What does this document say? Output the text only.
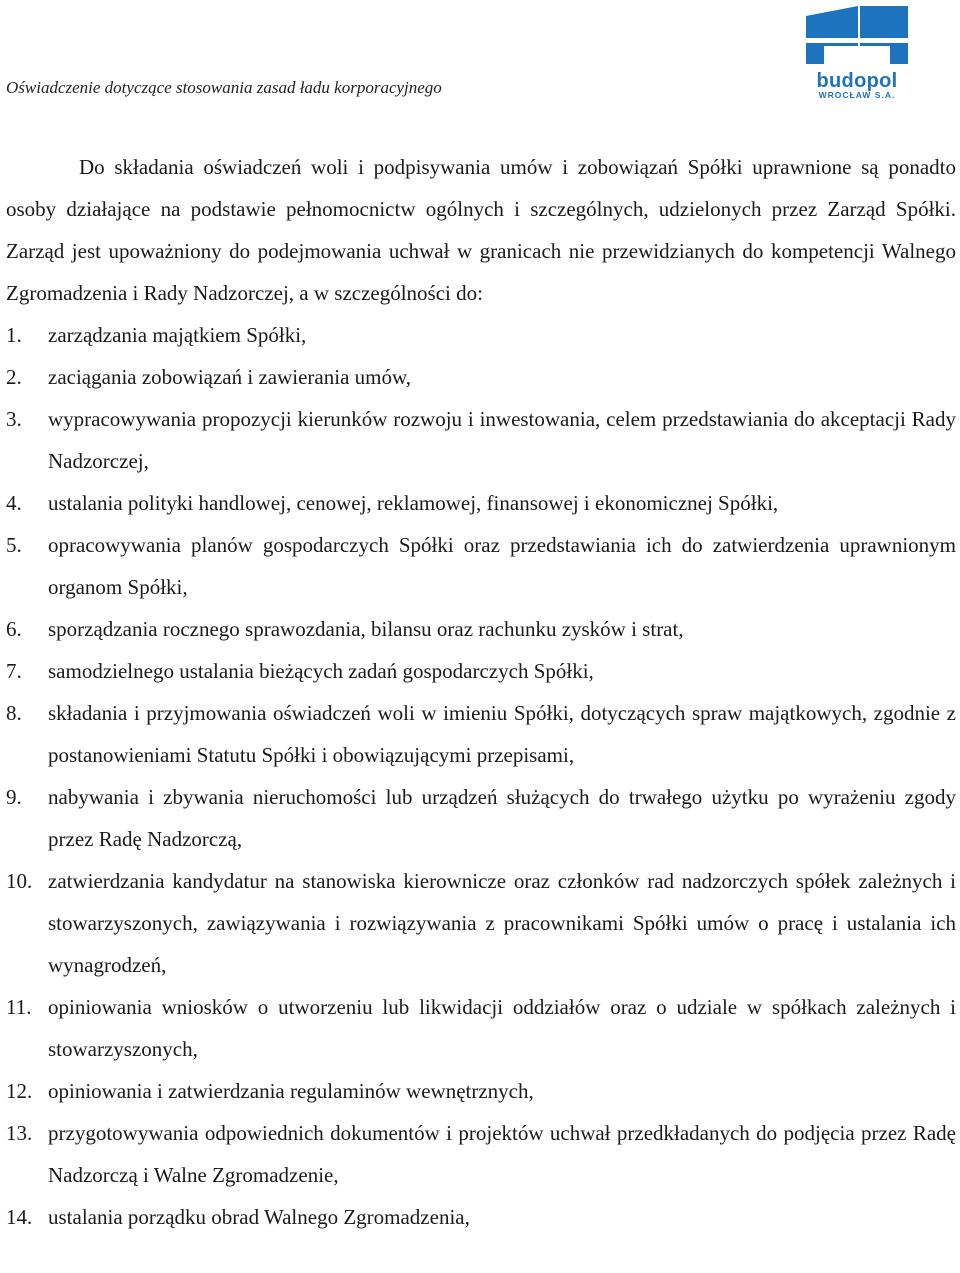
Oświadczenie dotyczące stosowania zasad ładu korporacyjnego	budopol
WROCŁAW S.A.

Do składania oświadczeń woli i podpisywania umów i zobowiązań Spółki uprawnione są ponadto osoby działające na podstawie pełnomocnictw ogólnych i szczególnych, udzielonych przez Zarząd Spółki. Zarząd jest upoważniony do podejmowania uchwał w granicach nie przewidzianych do kompetencji Walnego Zgromadzenia i Rady Nadzorczej, a w szczególności do:

1.	zarządzania majątkiem Spółki,
2.	zaciągania zobowiązań i zawierania umów,
3.	wypracowywania propozycji kierunków rozwoju i inwestowania, celem przedstawiania do akceptacji Rady Nadzorczej,
4.	ustalania polityki handlowej, cenowej, reklamowej, finansowej i ekonomicznej Spółki,
5.	opracowywania planów gospodarczych Spółki oraz przedstawiania ich do zatwierdzenia uprawnionym organom Spółki,
6.	sporządzania rocznego sprawozdania, bilansu oraz rachunku zysków i strat,
7.	samodzielnego ustalania bieżących zadań gospodarczych Spółki,
8.	składania i przyjmowania oświadczeń woli w imieniu Spółki, dotyczących spraw majątkowych, zgodnie z postanowieniami Statutu Spółki i obowiązującymi przepisami,
9.	nabywania i zbywania nieruchomości lub urządzeń służących do trwałego użytku po wyrażeniu zgody przez Radę Nadzorczą,
10. zatwierdzania kandydatur na stanowiska kierownicze oraz członków rad nadzorczych spółek zależnych i stowarzyszonych, zawiązywania i rozwiązywania z pracownikami Spółki umów o pracę i ustalania ich wynagrodzeń,
11. opiniowania wniosków o utworzeniu lub likwidacji oddziałów oraz o udziale w spółkach zależnych i stowarzyszonych,
12. opiniowania i zatwierdzania regulaminów wewnętrznych,
13. przygotowywania odpowiednich dokumentów i projektów uchwał przedkładanych do podjęcia przez Radę Nadzorczą i Walne Zgromadzenie,
14. ustalania porządku obrad Walnego Zgromadzenia,
